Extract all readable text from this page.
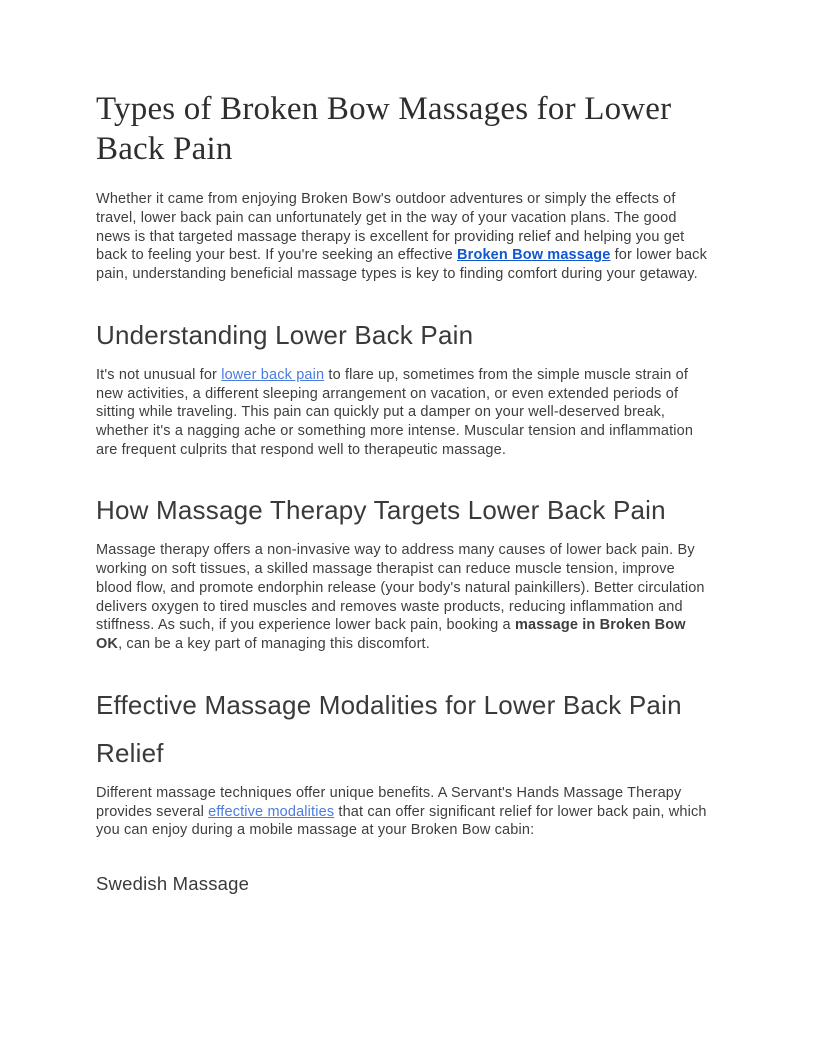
Types of Broken Bow Massages for Lower Back Pain

Whether it came from enjoying Broken Bow's outdoor adventures or simply the effects of travel, lower back pain can unfortunately get in the way of your vacation plans. The good news is that targeted massage therapy is excellent for providing relief and helping you get back to feeling your best. If you're seeking an effective Broken Bow massage for lower back pain, understanding beneficial massage types is key to finding comfort during your getaway.

Understanding Lower Back Pain

It's not unusual for lower back pain to flare up, sometimes from the simple muscle strain of new activities, a different sleeping arrangement on vacation, or even extended periods of sitting while traveling. This pain can quickly put a damper on your well-deserved break, whether it's a nagging ache or something more intense. Muscular tension and inflammation are frequent culprits that respond well to therapeutic massage.

How Massage Therapy Targets Lower Back Pain

Massage therapy offers a non-invasive way to address many causes of lower back pain. By working on soft tissues, a skilled massage therapist can reduce muscle tension, improve blood flow, and promote endorphin release (your body's natural painkillers). Better circulation delivers oxygen to tired muscles and removes waste products, reducing inflammation and stiffness. As such, if you experience lower back pain, booking a massage in Broken Bow OK, can be a key part of managing this discomfort.

Effective Massage Modalities for Lower Back Pain Relief

Different massage techniques offer unique benefits. A Servant's Hands Massage Therapy provides several effective modalities that can offer significant relief for lower back pain, which you can enjoy during a mobile massage at your Broken Bow cabin:

Swedish Massage
